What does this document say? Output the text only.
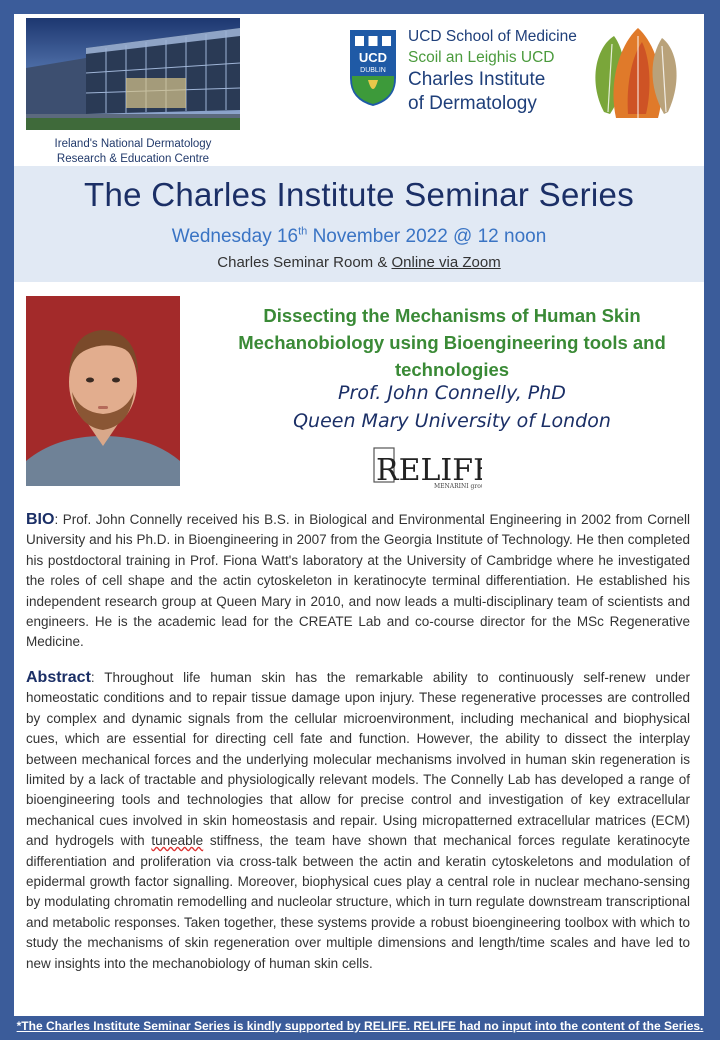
Ireland's National Dermatology
Research & Education Centre
UCD
DUBLIN
UCD School of Medicine
Scoil an Leighis UCD
Charles Institute
of Dermatology
The Charles Institute Seminar Series
Wednesday 16th November 2022 @ 12 noon
Charles Seminar Room & Online via Zoom
Dissecting the Mechanisms of Human Skin
Mechanobiology using Bioengineering tools and
technologies
Prof. John Connelly, PhD
Queen Mary University of London
RELIF
MENARINI gro

BIO: Prof. John Connelly received his B.S. in Biological and Environmental Engineering in 2002 from Cornell University and his Ph.D. in Bioengineering in 2007 from the Georgia Institute of Technology. He then completed his postdoctoral training in Prof. Fiona Watt's laboratory at the University of Cambridge where he investigated the roles of cell shape and the actin cytoskeleton in keratinocyte terminal differentiation. He established his independent research group at Queen Mary in 2010, and now leads a multi-disciplinary team of scientists and engineers. He is the academic lead for the CREATE Lab and co-course director for the MSc Regenerative Medicine.

Abstract: Throughout life human skin has the remarkable ability to continuously self-renew under homeostatic conditions and to repair tissue damage upon injury. These regenerative processes are controlled by complex and dynamic signals from the cellular microenvironment, including mechanical and biophysical cues, which are essential for directing cell fate and function. However, the ability to dissect the interplay between mechanical forces and the underlying molecular mechanisms involved in human skin regeneration is limited by a lack of tractable and physiologically relevant models. The Connelly Lab has developed a range of bioengineering tools and technologies that allow for precise control and investigation of key extracellular mechanical cues involved in skin homeostasis and repair. Using micropatterned extracellular matrices (ECM) and hydrogels with tuneable stiffness, the team have shown that mechanical forces regulate keratinocyte differentiation and proliferation via cross-talk between the actin and keratin cytoskeletons and modulation of epidermal growth factor signalling. Moreover, biophysical cues play a central role in nuclear mechano-sensing by modulating chromatin remodelling and nucleolar structure, which in turn regulate downstream transcriptional and metabolic responses. Taken together, these systems provide a robust bioengineering toolbox with which to study the mechanisms of skin regeneration over multiple dimensions and length/time scales and have led to new insights into the mechanobiology of human skin cells.

*The Charles Institute Seminar Series is kindly supported by RELIFE. RELIFE had no input into the content of the Series.
